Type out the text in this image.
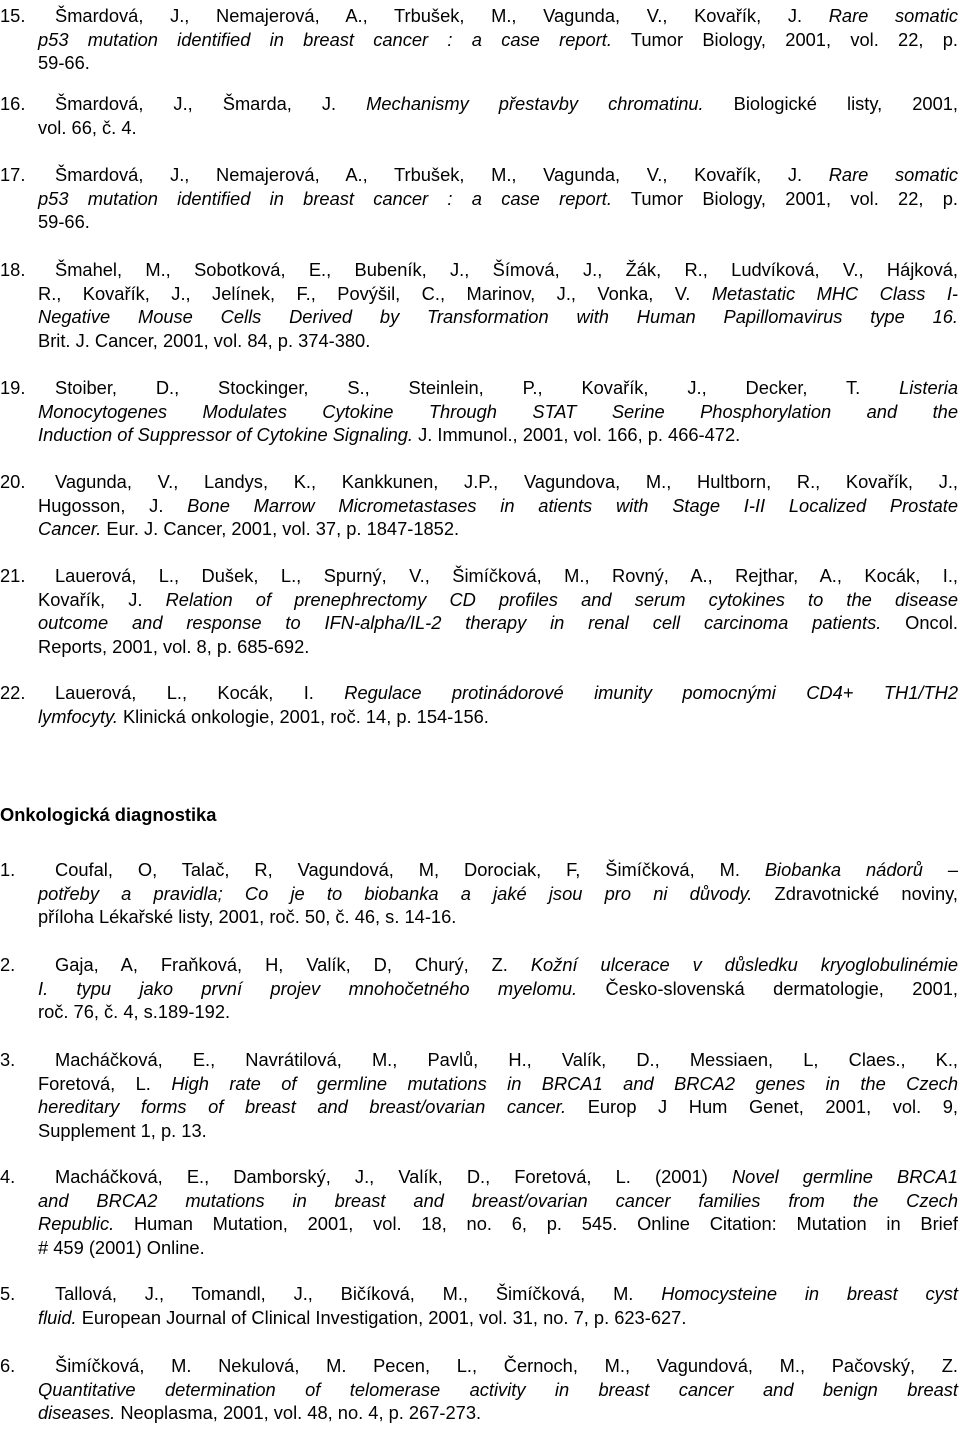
15.Šmardová, J., Nemajerová, A., Trbušek, M., Vagunda, V., Kovařík, J. Rare somatic
p53 mutation identified in breast cancer : a case report. Tumor Biology, 2001, vol. 22, p.
59-66.
16.Šmardová, J., Šmarda, J. Mechanismy přestavby chromatinu. Biologické listy, 2001,
vol. 66, č. 4.
17.Šmardová, J., Nemajerová, A., Trbušek, M., Vagunda, V., Kovařík, J. Rare somatic
p53 mutation identified in breast cancer : a case report. Tumor Biology, 2001, vol. 22, p.
59-66.
18.Šmahel, M., Sobotková, E., Bubeník, J., Šímová, J., Žák, R., Ludvíková, V., Hájková,
R., Kovařík, J., Jelínek, F., Povýšil, C., Marinov, J., Vonka, V. Metastatic MHC Class I-
Negative Mouse Cells Derived by Transformation with Human Papillomavirus type 16.
Brit. J. Cancer, 2001, vol. 84, p. 374-380.
19.Stoiber, D., Stockinger, S., Steinlein, P., Kovařík, J., Decker, T. Listeria
Monocytogenes Modulates Cytokine Through STAT Serine Phosphorylation and the
Induction of Suppressor of Cytokine Signaling. J. Immunol., 2001, vol. 166, p. 466-472.
20.Vagunda, V., Landys, K., Kankkunen, J.P., Vagundova, M., Hultborn, R., Kovařík, J.,
Hugosson, J. Bone Marrow Micrometastases in atients with Stage I-II Localized Prostate
Cancer. Eur. J. Cancer, 2001, vol. 37, p. 1847-1852.
21.Lauerová, L., Dušek, L., Spurný, V., Šimíčková, M., Rovný, A., Rejthar, A., Kocák, I.,
Kovařík, J. Relation of prenephrectomy CD profiles and serum cytokines to the disease
outcome and response to IFN-alpha/IL-2 therapy in renal cell carcinoma patients. Oncol.
Reports, 2001, vol. 8, p. 685-692.
22.Lauerová, L., Kocák, I. Regulace protinádorové imunity pomocnými CD4+ TH1/TH2
lymfocyty. Klinická onkologie, 2001, roč. 14, p. 154-156.
Onkologická diagnostika
1.Coufal, O, Talač, R, Vagundová, M, Dorociak, F, Šimíčková, M. Biobanka nádorů –
potřeby a pravidla; Co je to biobanka a jaké jsou pro ni důvody. Zdravotnické noviny,
příloha Lékařské listy, 2001, roč. 50, č. 46, s. 14-16.
2.Gaja, A, Fraňková, H, Valík, D, Churý, Z. Kožní ulcerace v důsledku kryoglobulinémie
I. typu jako první projev mnohočetného myelomu. Česko-slovenská dermatologie, 2001,
roč. 76, č. 4, s.189-192.
3.Macháčková, E., Navrátilová, M., Pavlů, H., Valík, D., Messiaen, L, Claes., K.,
Foretová, L. High rate of germline mutations in BRCA1 and BRCA2 genes in the Czech
hereditary forms of breast and breast/ovarian cancer. Europ J Hum Genet, 2001, vol. 9,
Supplement 1, p. 13.
4.Macháčková, E., Damborský, J., Valík, D., Foretová, L. (2001) Novel germline BRCA1
and BRCA2 mutations in breast and breast/ovarian cancer families from the Czech
Republic. Human Mutation, 2001, vol. 18, no. 6, p. 545. Online Citation: Mutation in Brief
# 459 (2001) Online.
5.Tallová, J., Tomandl, J., Bičíková, M., Šimíčková, M. Homocysteine in breast cyst
fluid. European Journal of Clinical Investigation, 2001, vol. 31, no. 7, p. 623-627.
6.Šimíčková, M. Nekulová, M. Pecen, L., Černoch, M., Vagundová, M., Pačovský, Z.
Quantitative determination of telomerase activity in breast cancer and benign breast
diseases. Neoplasma, 2001, vol. 48, no. 4, p. 267-273.
